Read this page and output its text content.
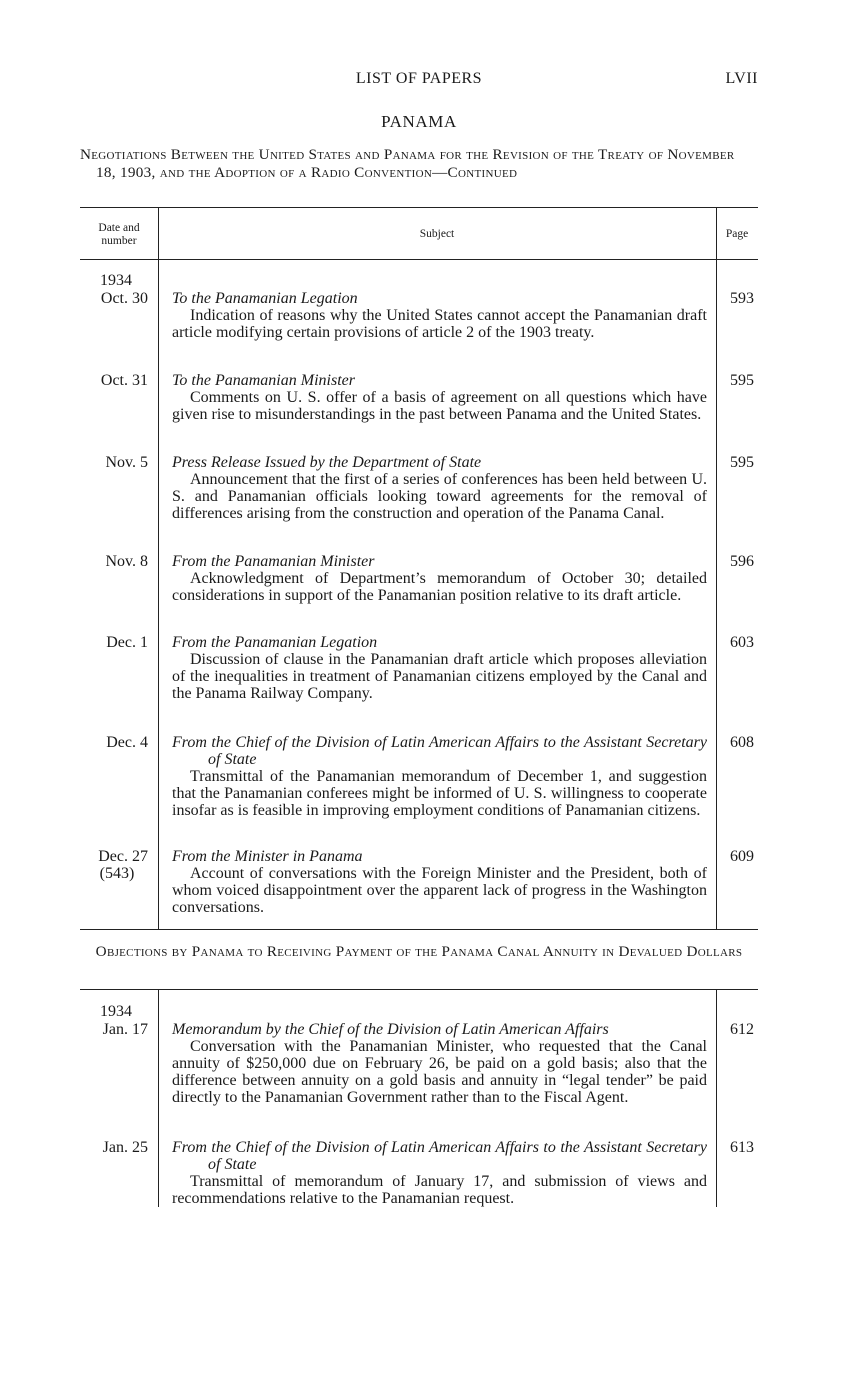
LIST OF PAPERS	LVII
PANAMA
Negotiations Between the United States and Panama for the Revision of the Treaty of November 18, 1903, and the Adoption of a Radio Convention—Continued
Date and number
Subject	Page
1934
Oct. 30 To the Panamanian Legation
Indication of reasons why the United States cannot accept the Panamanian draft article modifying certain provisions of article 2 of the 1903 treaty.
593
Oct. 31 To the Panamanian Minister
Comments on U. S. offer of a basis of agreement on all questions which have given rise to misunderstandings in the past between Panama and the United States.
595
Nov. 5 Press Release Issued by the Department of State
Announcement that the first of a series of conferences has been held between U. S. and Panamanian officials looking toward agreements for the removal of differences arising from the construction and operation of the Panama Canal.
595
Nov. 8 From the Panamanian Minister
Acknowledgment of Department’s memorandum of October 30; detailed considerations in support of the Panamanian position relative to its draft article.
596
Dec. 1 From the Panamanian Legation
Discussion of clause in the Panamanian draft article which proposes alleviation of the inequalities in treatment of Panamanian citizens employed by the Canal and the Panama Railway Company.
603
Dec. 4 From the Chief of the Division of Latin American Affairs to the Assistant Secretary of State
Transmittal of the Panamanian memorandum of December 1, and suggestion that the Panamanian conferees might be informed of U. S. willingness to cooperate insofar as is feasible in improving employment conditions of Panamanian citizens.
608
Dec. 27
(543)
From the Minister in Panama
Account of conversations with the Foreign Minister and the President, both of whom voiced disappointment over the apparent lack of progress in the Washington conversations.
609
Objections by Panama to Receiving Payment of the Panama Canal Annuity in Devalued Dollars
1934
Jan. 17 Memorandum by the Chief of the Division of Latin American Affairs
Conversation with the Panamanian Minister, who requested that the Canal annuity of $250,000 due on February 26, be paid on a gold basis; also that the difference between annuity on a gold basis and annuity in “legal tender” be paid directly to the Panamanian Government rather than to the Fiscal Agent.
612
Jan. 25 From the Chief of the Division of Latin American Affairs to the Assistant Secretary of State
Transmittal of memorandum of January 17, and submission of views and recommendations relative to the Panamanian request.
613
